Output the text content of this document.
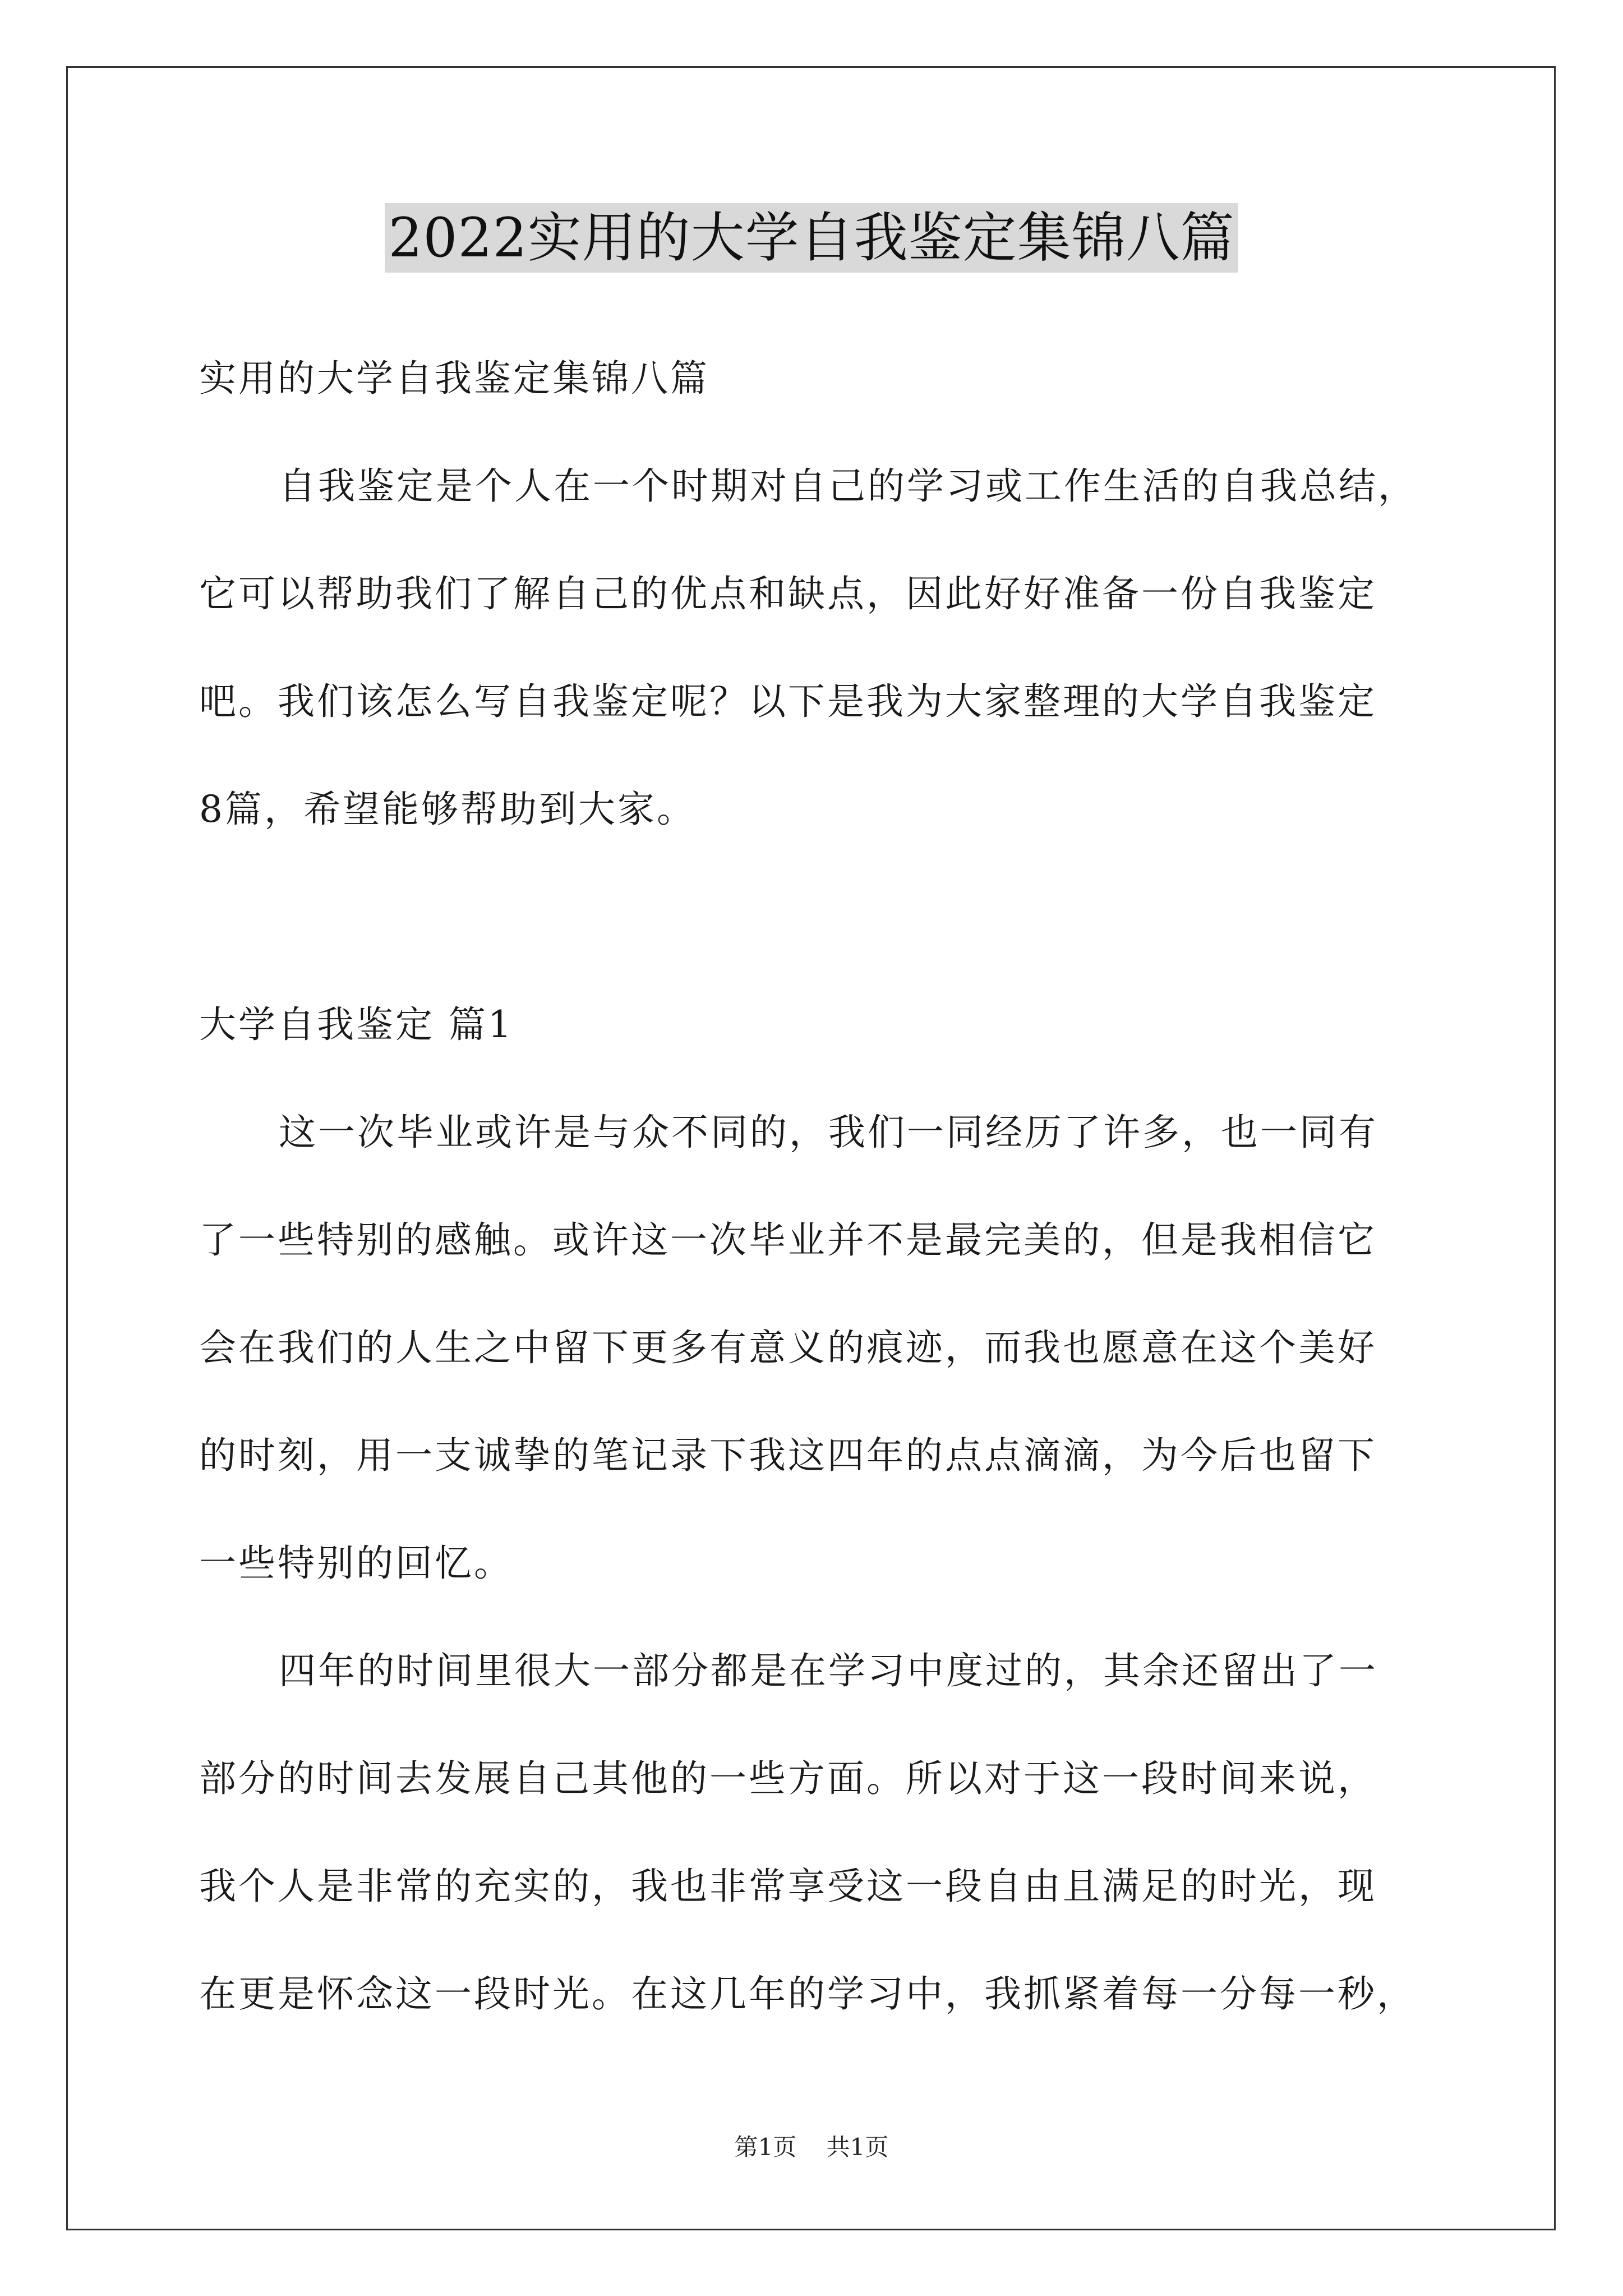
2022实用的大学自我鉴定集锦八篇
实用的大学自我鉴定集锦八篇
自我鉴定是个人在一个时期对自己的学习或工作生活的自我总结，
它可以帮助我们了解自己的优点和缺点，因此好好准备一份自我鉴定
吧。我们该怎么写自我鉴定呢？以下是我为大家整理的大学自我鉴定
8篇，希望能够帮助到大家。
大学自我鉴定 篇1
这一次毕业或许是与众不同的，我们一同经历了许多，也一同有
了一些特别的感触。或许这一次毕业并不是最完美的，但是我相信它
会在我们的人生之中留下更多有意义的痕迹，而我也愿意在这个美好
的时刻，用一支诚挚的笔记录下我这四年的点点滴滴，为今后也留下
一些特别的回忆。
四年的时间里很大一部分都是在学习中度过的，其余还留出了一
部分的时间去发展自己其他的一些方面。所以对于这一段时间来说，
我个人是非常的充实的，我也非常享受这一段自由且满足的时光，现
在更是怀念这一段时光。在这几年的学习中，我抓紧着每一分每一秒，
第1页 共1页
